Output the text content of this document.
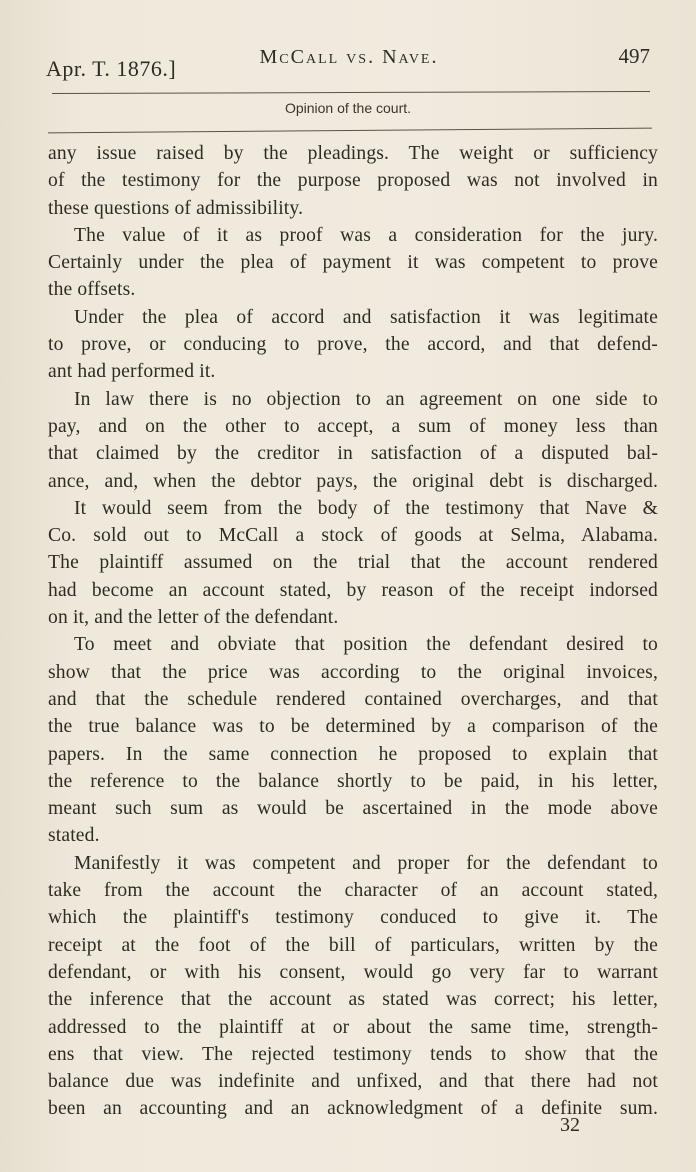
Apr. T. 1876.]	McCall vs. Nave.	497
Opinion of the court.
any issue raised by the pleadings. The weight or sufficiency
of the testimony for the purpose proposed was not involved in
these questions of admissibility.
The value of it as proof was a consideration for the jury.
Certainly under the plea of payment it was competent to prove
the offsets.
Under the plea of accord and satisfaction it was legitimate
to prove, or conducing to prove, the accord, and that defend-
ant had performed it.
In law there is no objection to an agreement on one side to
pay, and on the other to accept, a sum of money less than
that claimed by the creditor in satisfaction of a disputed bal-
ance, and, when the debtor pays, the original debt is discharged.
It would seem from the body of the testimony that Nave &
Co. sold out to McCall a stock of goods at Selma, Alabama.
The plaintiff assumed on the trial that the account rendered
had become an account stated, by reason of the receipt indorsed
on it, and the letter of the defendant.
To meet and obviate that position the defendant desired to
show that the price was according to the original invoices,
and that the schedule rendered contained overcharges, and that
the true balance was to be determined by a comparison of the
papers. In the same connection he proposed to explain that
the reference to the balance shortly to be paid, in his letter,
meant such sum as would be ascertained in the mode above
stated.
Manifestly it was competent and proper for the defendant to
take from the account the character of an account stated,
which the plaintiff's testimony conduced to give it. The
receipt at the foot of the bill of particulars, written by the
defendant, or with his consent, would go very far to warrant
the inference that the account as stated was correct; his letter,
addressed to the plaintiff at or about the same time, strength-
ens that view. The rejected testimony tends to show that the
balance due was indefinite and unfixed, and that there had not
been an accounting and an acknowledgment of a definite sum.
32
